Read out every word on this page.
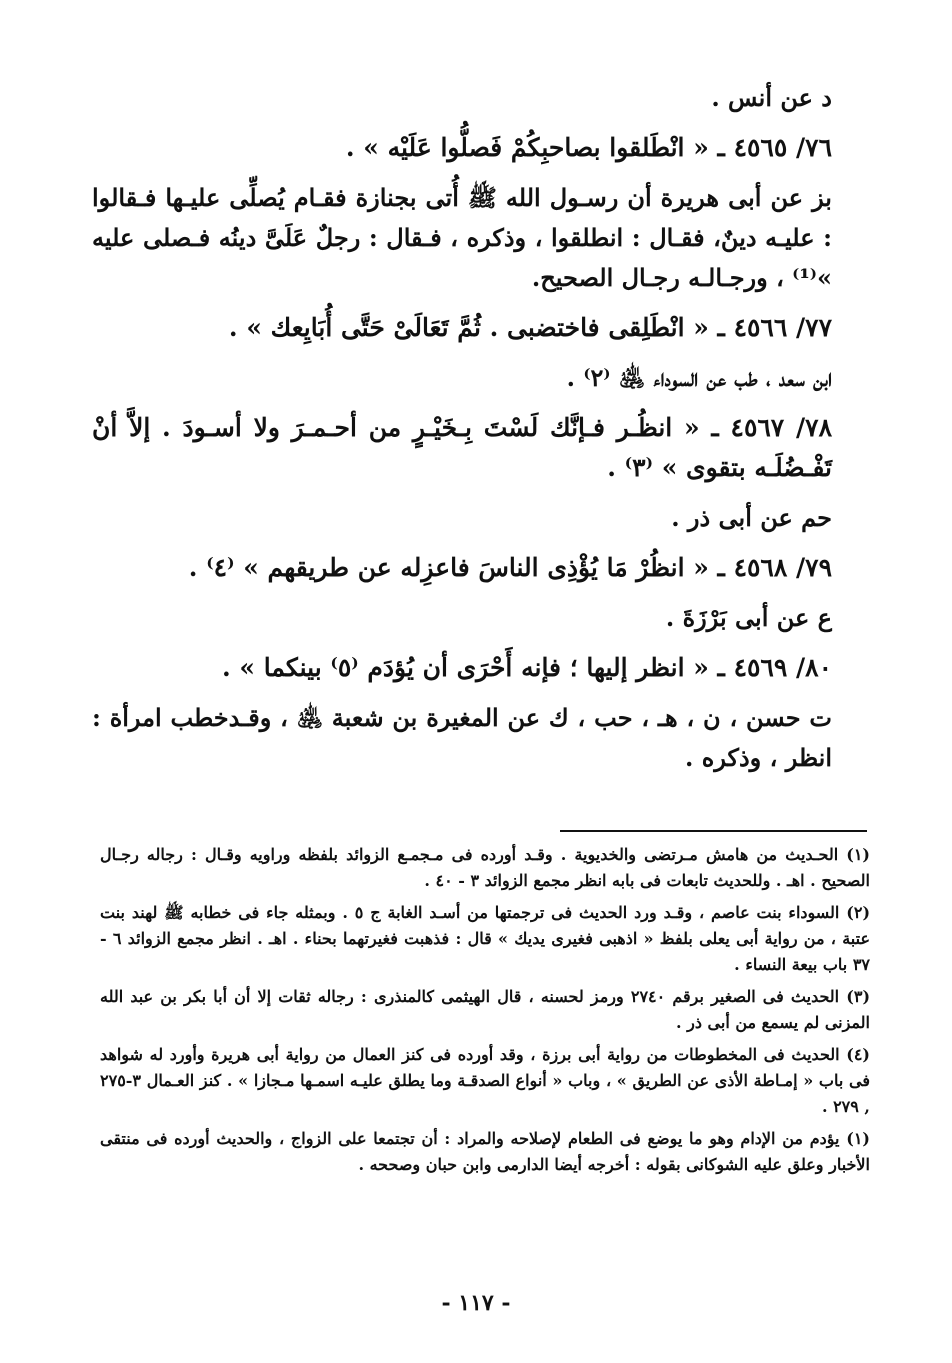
د عن أنس .

٧٦/ ٤٥٦٥ ـ « انْطَلقوا بصاحبِكُمْ فَصلُّوا عَلَيْه » .

بز عن أبى هريرة أن رسـول الله ﷺ أُتى بجنازة فقـام يُصلِّى عليـها فـقالوا : عليـه دينٌ، فقـال : انطلقوا ، وذكره ، فـقال : رجلٌ عَلَىَّ دينُه فـصلى عليه »⁽¹⁾ ، ورجـالـه رجـال الصحيح.

٧٧/ ٤٥٦٦ ـ « انْطَلِقى فاختضبى . ثُمَّ تَعَالَىْ حَتَّى أُبَايِعك » .

ابن سعد ، طب عن السوداء ﵁ ⁽٢⁾ .

٧٨/ ٤٥٦٧ ـ « انظُـر فـإنَّك لَسْتَ بِـخَيْـرٍ من أحـمـرَ ولا أسـودَ . إلاَّ أنْ تَفْـضُلَـه بتقوى » ⁽٣⁾ .

حم عن أبى ذر .

٧٩/ ٤٥٦٨ ـ « انظُرْ مَا يُؤْذِى الناسَ فاعزِله عن طريقهم » ⁽٤⁾ .

ع عن أبى بَرْزَةَ .

٨٠/ ٤٥٦٩ ـ « انظر إليها ؛ فإنه أَحْرَى أن يُؤدَم ⁽٥⁾ بينكما » .

ت حسن ، ن ، هـ ، حب ، ك عن المغيرة بن شعبة ﵁ ، وقـدخطب امرأة : انظر ، وذكره .

(١) الحـديث من هامش مـرتضى والخديوية . وقـد أورده فى مـجمـع الزوائد بلفظه وراويه وقـال : رجاله رجـال الصحيح . اهـ . وللحديث تابعات فى بابه انظر مجمع الزوائد ٣ - ٤٠ .

(٢) السوداء بنت عاصم ، وقـد ورد الحديث فى ترجمتها من أسـد الغابة ج ٥ . وبمثله جاء فى خطابه ﷺ لهند بنت عتبة ، من رواية أبى يعلى بلفظ « اذهبى فغيرى يديك » قال : فذهبت فغيرتهما بحناء . اهـ . انظر مجمع الزوائد ٦ - ٣٧ باب بيعة النساء .

(٣) الحديث فى الصغير برقم ٢٧٤٠ ورمز لحسنه ، قال الهيثمى كالمنذرى : رجاله ثقات إلا أن أبا بكر بن عبد الله المزنى لم يسمع من أبى ذر .

(٤) الحديث فى المخطوطات من رواية أبى برزة ، وقد أورده فى كنز العمال من رواية أبى هريرة وأورد له شواهد فى باب « إمـاطة الأذى عن الطريق » ، وباب « أنواع الصدقـة وما يطلق عليـه اسمـها مـجازا » . كنز العـمال ٣-٢٧٥ , ٢٧٩ .

(١) يؤدم من الإدام وهو ما يوضع فى الطعام لإصلاحه والمراد : أن تجتمعا على الزواج ، والحديث أورده فى منتقى الأخبار وعلق عليه الشوكانى بقوله : أخرجه أيضا الدارمى وابن حبان وصححه .

- ١١٧ -
